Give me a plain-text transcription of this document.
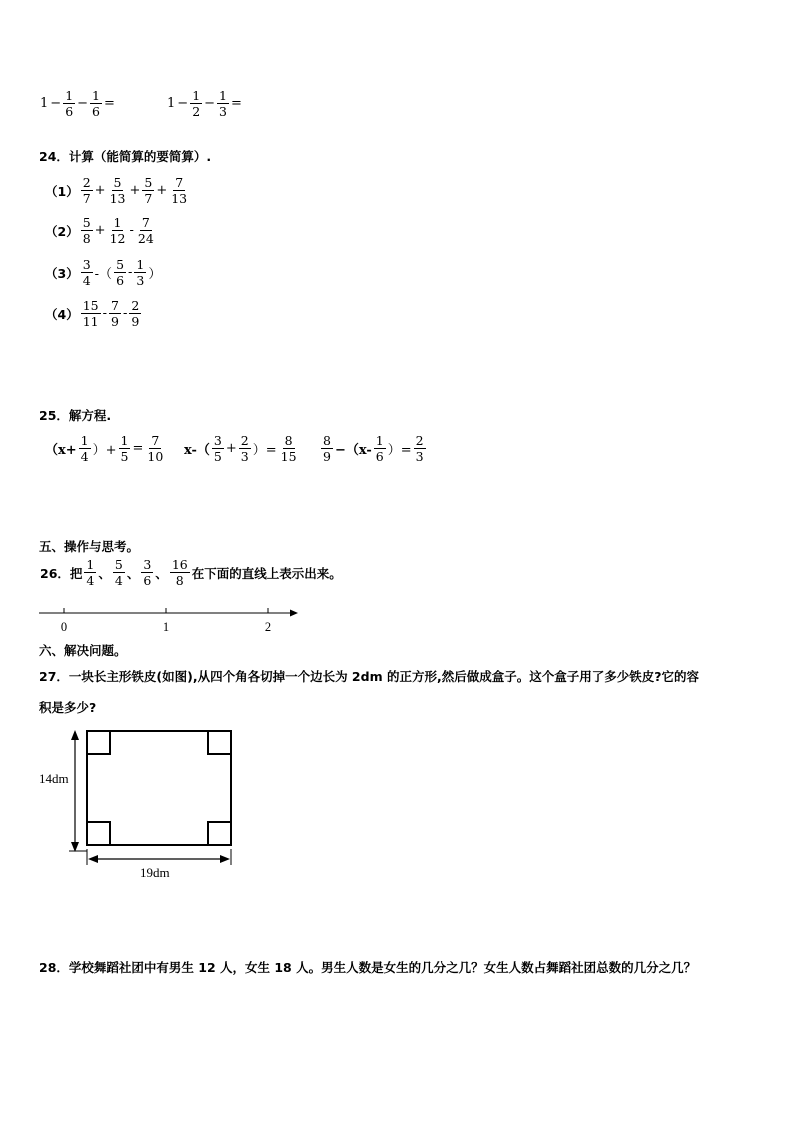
$1 - \frac{1}{6} - \frac{1}{6}$ =	$1 - \frac{1}{2} - \frac{1}{3}$ =
24．计算（能简算的要简算）.
$(1) \frac{2}{7} + \frac{5}{13} + \frac{5}{7} + \frac{7}{13}$
$(2) \frac{5}{8} + \frac{1}{12} - \frac{7}{24}$
$(3) \frac{3}{4}$ -（ $\frac{5}{6} - \frac{1}{3}$ ）
$(4) \frac{15}{11} - \frac{7}{9} - \frac{2}{9}$
25．解方程.
（$x+ \frac{1}{4}$ ）+ $\frac{1}{5} = \frac{7}{10} x-( \frac{3}{5} + \frac{2}{3}$ ）= $\frac{8}{15} \frac{8}{9} -(x- \frac{1}{6}$ ）= $\frac{2}{3}$
五、操作与思考。
26．把 $\frac{1}{4}$ 、 $\frac{5}{4}$ 、 $\frac{3}{6}$ 、 $\frac{16}{8}$ 在下面的直线上表示出来。
0	1	2
六、解决问题。
27．一块长主形铁皮(如图),从四个角各切掉一个边长为 2dm 的正方形,然后做成盒子。这个盒子用了多少铁皮?它的容
积是多少?
14dm
19dm
28．学校舞蹈社团中有男生 12 人，女生 18 人。男生人数是女生的几分之几？女生人数占舞蹈社团总数的几分之几？
